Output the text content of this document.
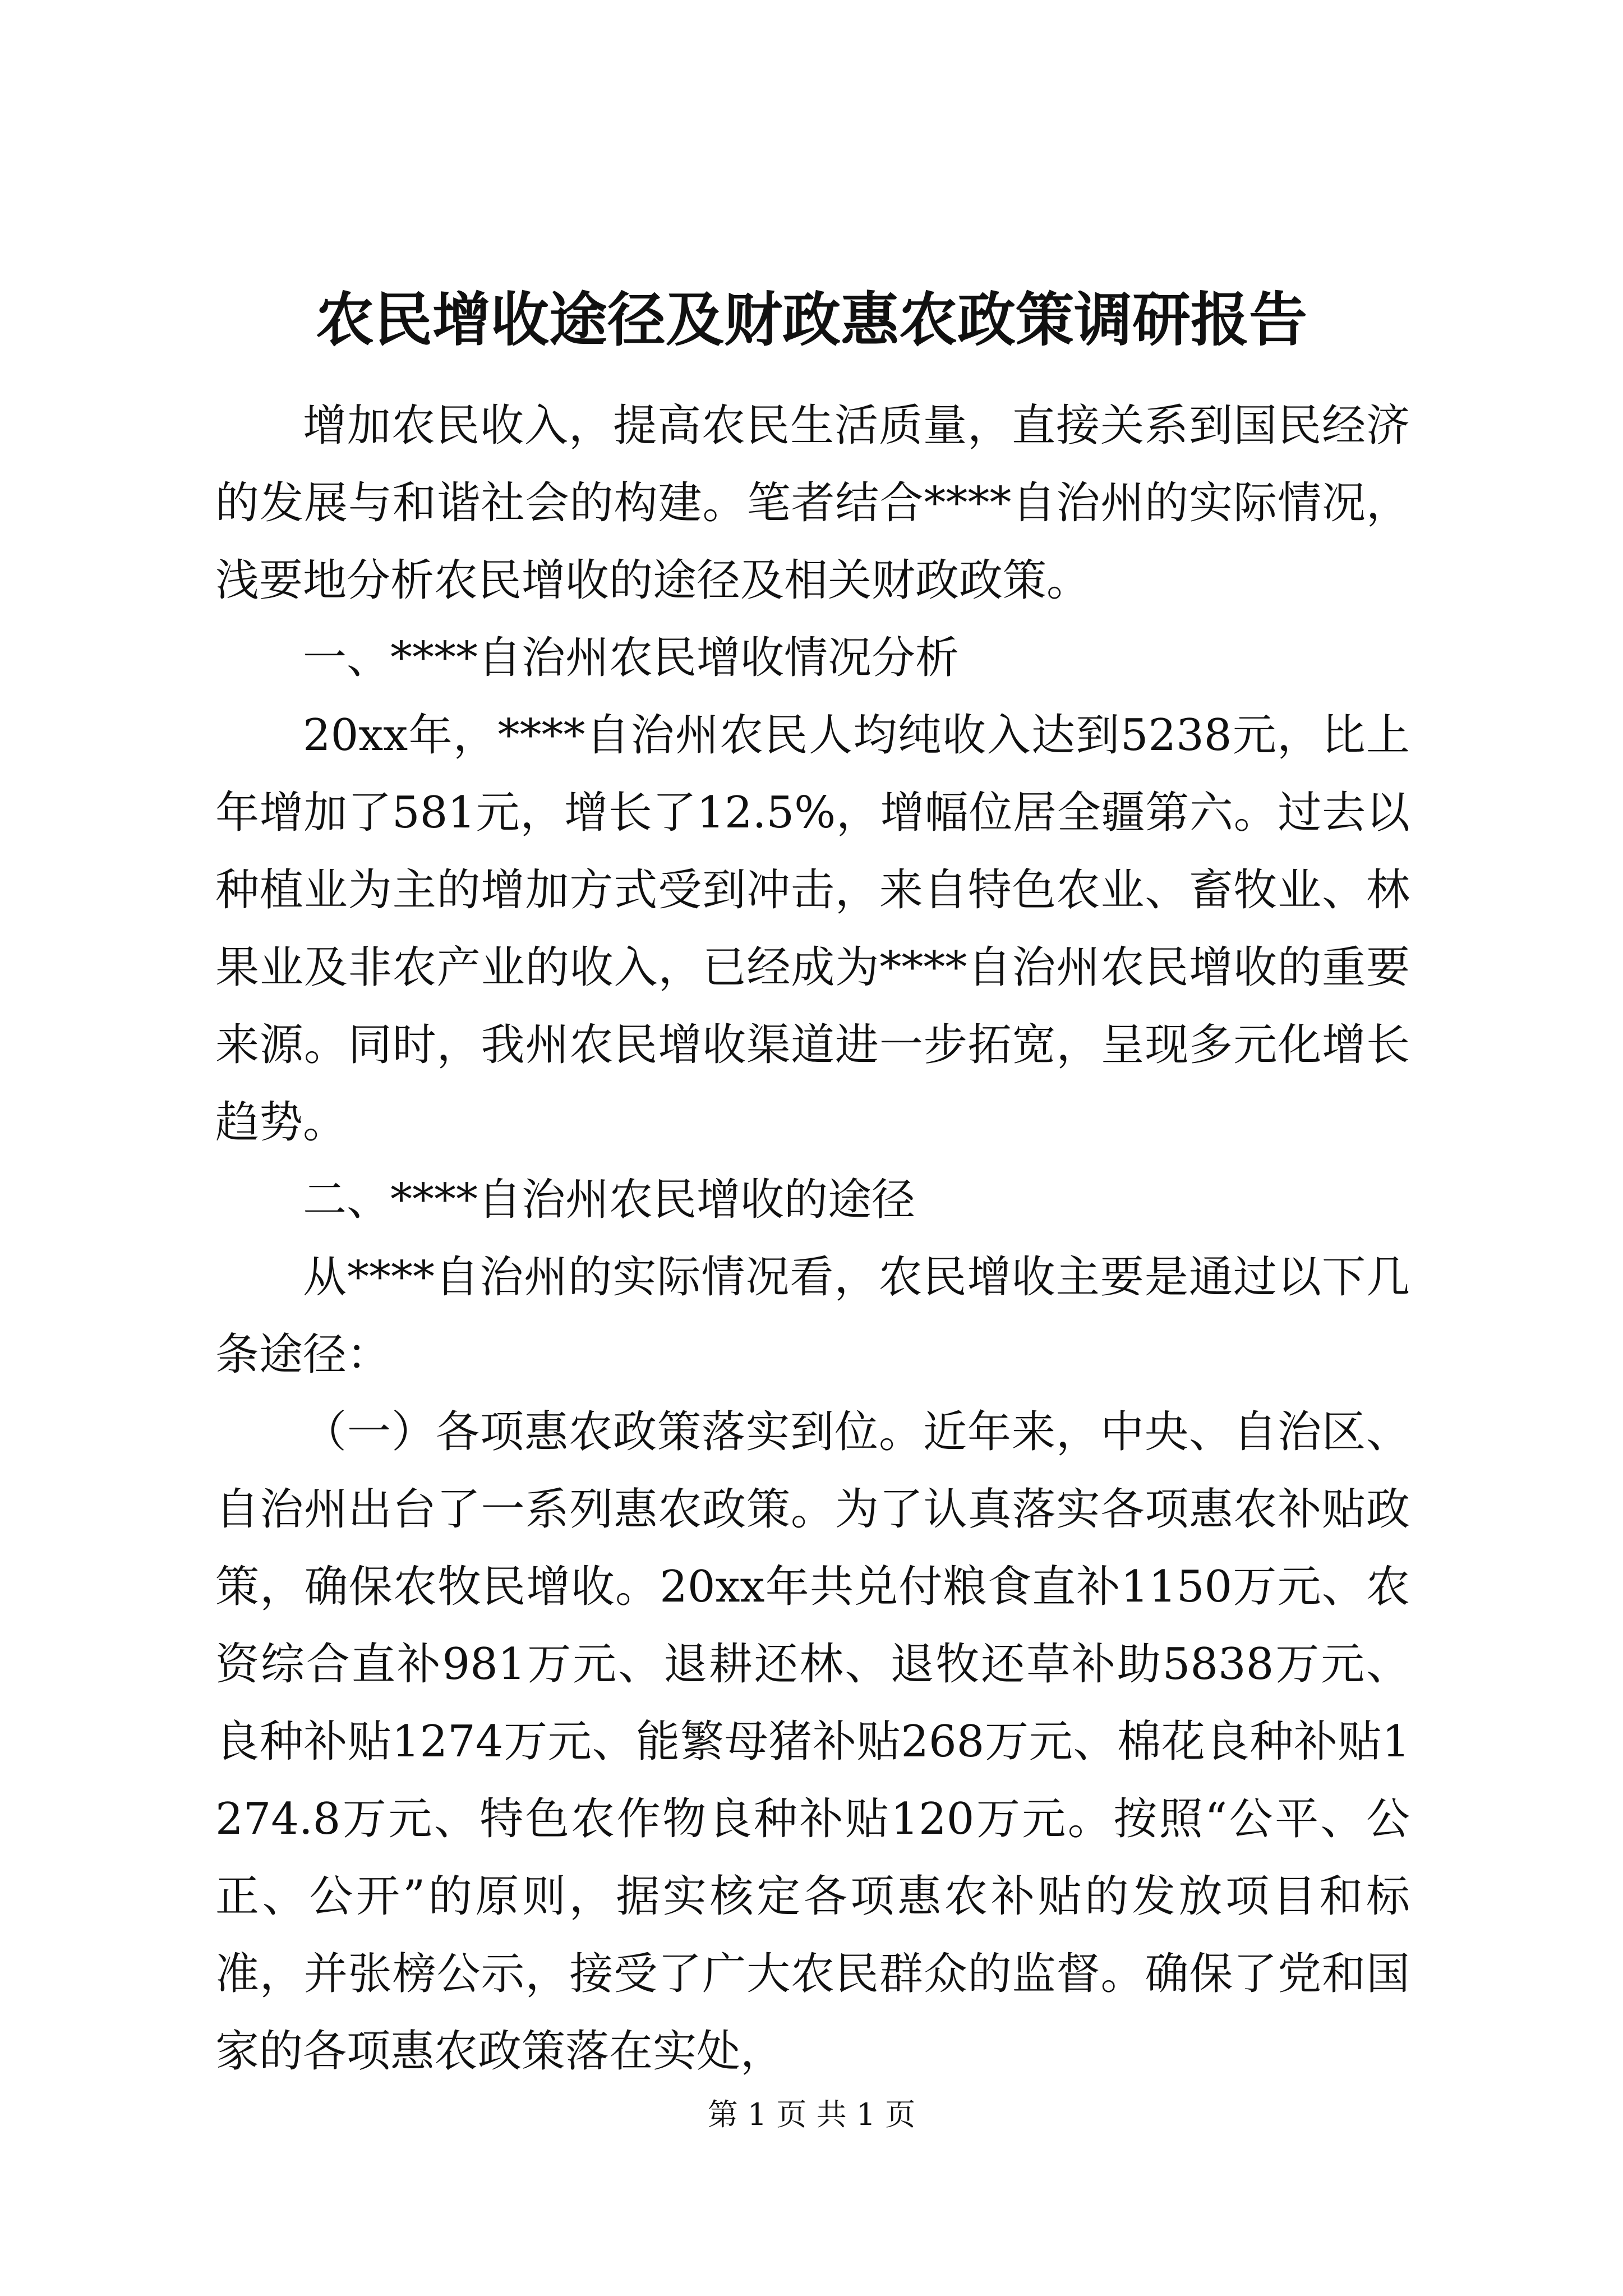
农民增收途径及财政惠农政策调研报告

增加农民收入，提高农民生活质量，直接关系到国民经济的发展与和谐社会的构建。笔者结合****自治州的实际情况，浅要地分析农民增收的途径及相关财政政策。

一、****自治州农民增收情况分析

20xx年，****自治州农民人均纯收入达到5238元，比上年增加了581元，增长了12.5%，增幅位居全疆第六。过去以种植业为主的增加方式受到冲击，来自特色农业、畜牧业、林果业及非农产业的收入，已经成为****自治州农民增收的重要来源。同时，我州农民增收渠道进一步拓宽，呈现多元化增长趋势。

二、****自治州农民增收的途径

从****自治州的实际情况看，农民增收主要是通过以下几条途径：

（一）各项惠农政策落实到位。近年来，中央、自治区、自治州出台了一系列惠农政策。为了认真落实各项惠农补贴政策，确保农牧民增收。20xx年共兑付粮食直补1150万元、农资综合直补981万元、退耕还林、退牧还草补助5838万元、良种补贴1274万元、能繁母猪补贴268万元、棉花良种补贴1274.8万元、特色农作物良种补贴120万元。按照“公平、公正、公开”的原则，据实核定各项惠农补贴的发放项目和标准，并张榜公示，接受了广大农民群众的监督。确保了党和国家的各项惠农政策落在实处，

第 1 页 共 1 页
